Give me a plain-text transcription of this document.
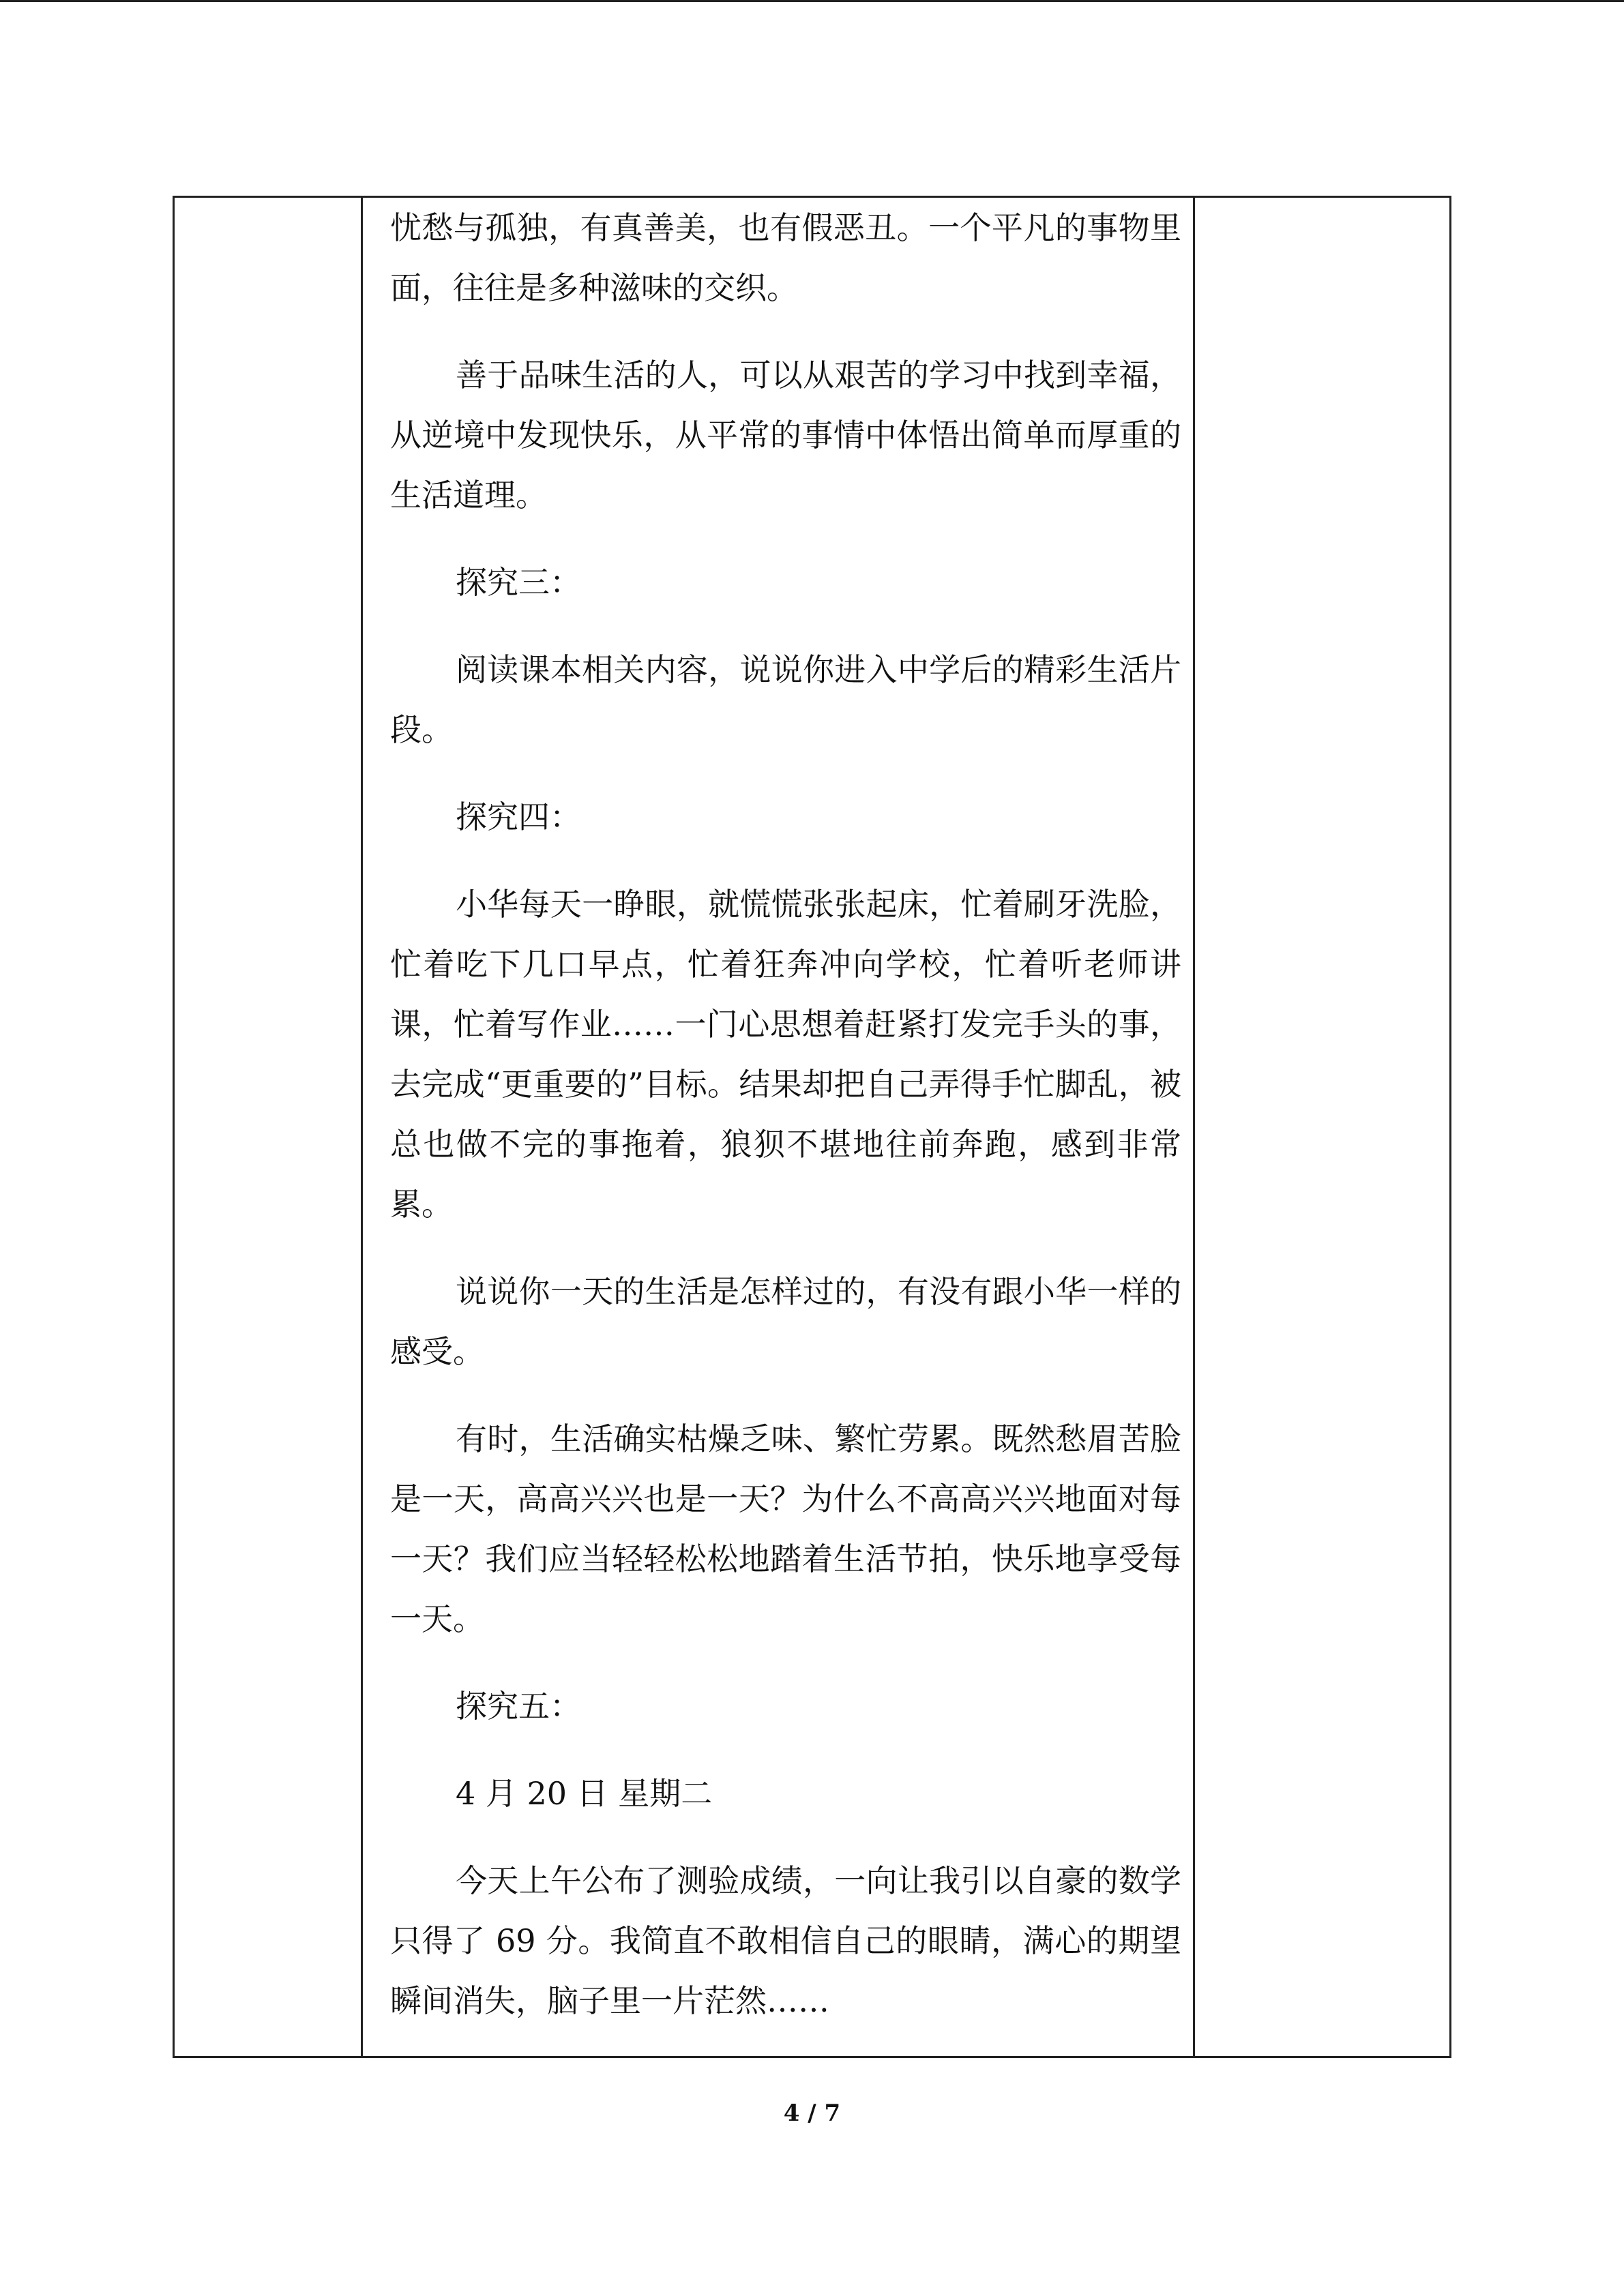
忧愁与孤独，有真善美，也有假恶丑。一个平凡的事物里面，往往是多种滋味的交织。

善于品味生活的人，可以从艰苦的学习中找到幸福，从逆境中发现快乐，从平常的事情中体悟出简单而厚重的生活道理。

探究三：

阅读课本相关内容，说说你进入中学后的精彩生活片段。

探究四：

小华每天一睁眼，就慌慌张张起床，忙着刷牙洗脸，忙着吃下几口早点，忙着狂奔冲向学校，忙着听老师讲课，忙着写作业……一门心思想着赶紧打发完手头的事，去完成“更重要的”目标。结果却把自己弄得手忙脚乱，被总也做不完的事拖着，狼狈不堪地往前奔跑，感到非常累。

说说你一天的生活是怎样过的，有没有跟小华一样的感受。

有时，生活确实枯燥乏味、繁忙劳累。既然愁眉苦脸是一天，高高兴兴也是一天？为什么不高高兴兴地面对每一天？我们应当轻轻松松地踏着生活节拍，快乐地享受每一天。

探究五：

4 月 20 日 星期二

今天上午公布了测验成绩，一向让我引以自豪的数学只得了 69 分。我简直不敢相信自己的眼睛，满心的期望瞬间消失，脑子里一片茫然……

4 / 7
